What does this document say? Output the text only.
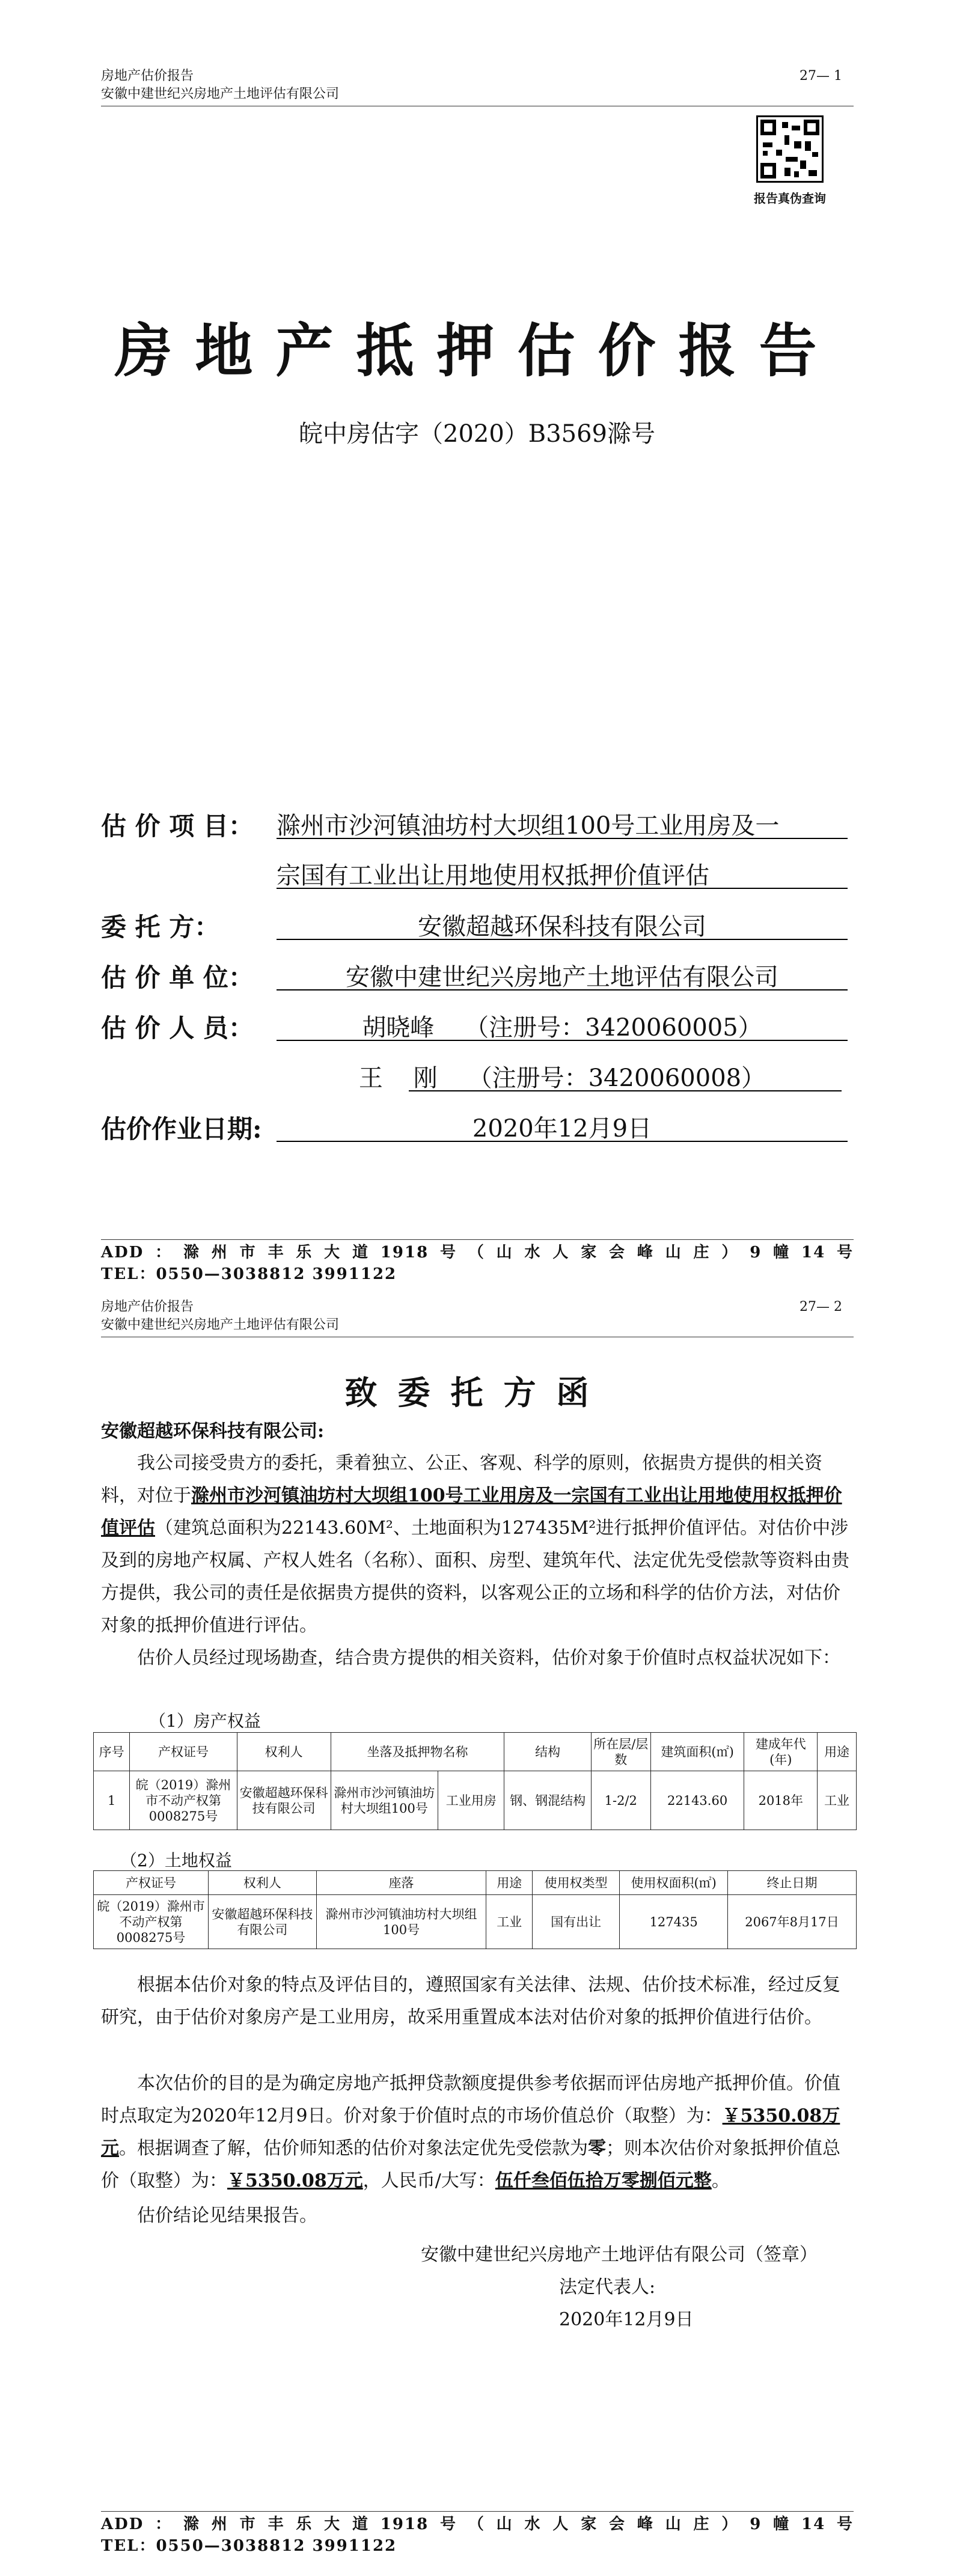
房地产估价报告
安徽中建世纪兴房地产土地评估有限公司
27— 1
报告真伪查询
房地产抵押估价报告
皖中房估字（2020）B3569滁号
估 价 项 目： 滁州市沙河镇油坊村大坝组100号工业用房及一
宗国有工业出让用地使用权抵押价值评估
委 托 方：	安徽超越环保科技有限公司
估 价 单 位：	安徽中建世纪兴房地产土地评估有限公司
估 价 人 员：	胡晓峰    （注册号：3420060005）
王    刚    （注册号：3420060008）
估价作业日期:	2020年12月9日
ADD：滁州市丰乐大道1918号（山水人家会峰山庄）9幢14号
TEL：0550—3038812 3991122
房地产估价报告
安徽中建世纪兴房地产土地评估有限公司
27— 2
致委托方函
安徽超越环保科技有限公司:
我公司接受贵方的委托，秉着独立、公正、客观、科学的原则，依据贵方提供的相关资料，对位于滁州市沙河镇油坊村大坝组100号工业用房及一宗国有工业出让用地使用权抵押价值评估（建筑总面积为22143.60M²、土地面积为127435M²进行抵押价值评估。对估价中涉及到的房地产权属、产权人姓名（名称）、面积、房型、建筑年代、法定优先受偿款等资料由贵方提供，我公司的责任是依据贵方提供的资料，以客观公正的立场和科学的估价方法，对估价对象的抵押价值进行评估。
估价人员经过现场勘查，结合贵方提供的相关资料，估价对象于价值时点权益状况如下：
（1）房产权益
序号	产权证号	权利人	坐落及抵押物名称		结构	所在层/层数	建筑面积(㎡)	建成年代(年)	用途
1	皖（2019）滁州市不动产权第0008275号	安徽超越环保科技有限公司	滁州市沙河镇油坊村大坝组100号	工业用房	钢、钢混结构	1-2/2	22143.60	2018年	工业
（2）土地权益
产权证号	权利人	座落	用途	使用权类型	使用权面积(㎡)	终止日期
皖（2019）滁州市不动产权第0008275号	安徽超越环保科技有限公司	滁州市沙河镇油坊村大坝组100号	工业	国有出让	127435	2067年8月17日
根据本估价对象的特点及评估目的，遵照国家有关法律、法规、估价技术标准，经过反复研究，由于估价对象房产是工业用房，故采用重置成本法对估价对象的抵押价值进行估价。
本次估价的目的是为确定房地产抵押贷款额度提供参考依据而评估房地产抵押价值。价值时点取定为2020年12月9日。价对象于价值时点的市场价值总价（取整）为：￥5350.08万元。根据调查了解，估价师知悉的估价对象法定优先受偿款为零；则本次估价对象抵押价值总价（取整）为：￥5350.08万元，人民币/大写：伍仟叁佰伍拾万零捌佰元整。
估价结论见结果报告。
安徽中建世纪兴房地产土地评估有限公司（签章）
法定代表人:
2020年12月9日
ADD：滁州市丰乐大道1918号（山水人家会峰山庄）9幢14号
TEL：0550—3038812 3991122
